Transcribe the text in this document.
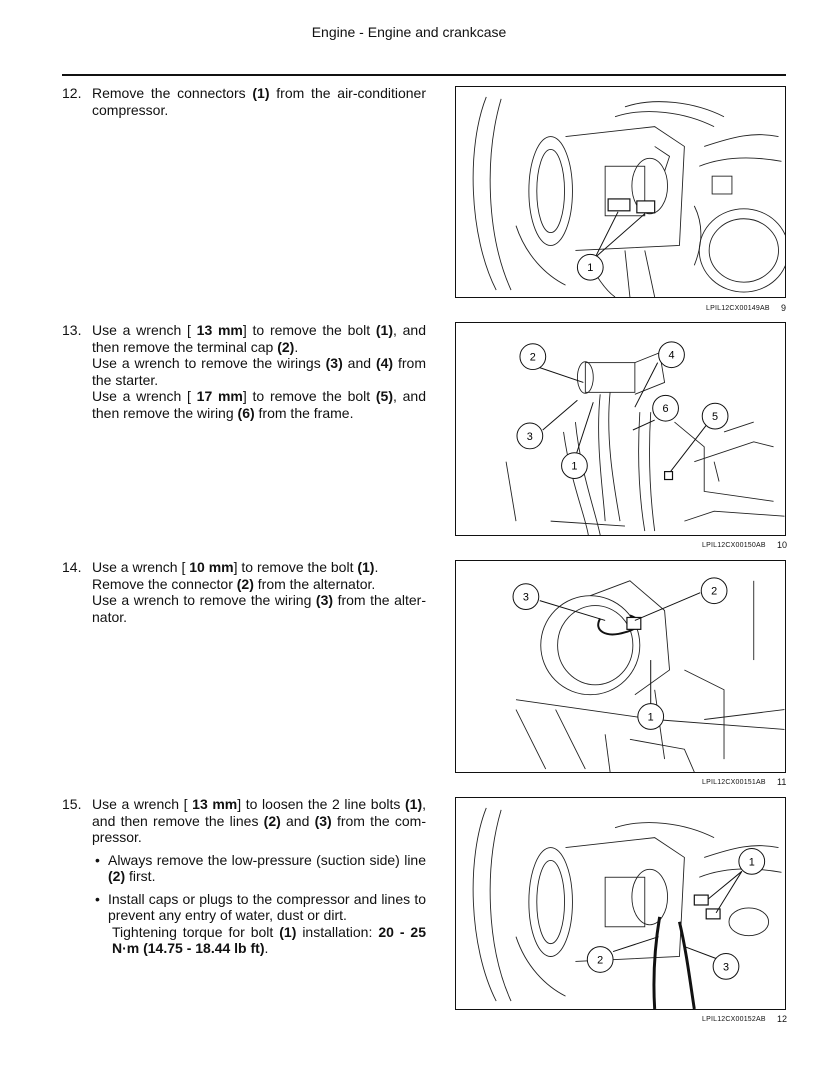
Engine - Engine and crankcase
12. Remove the connectors (1) from the air-conditioner compressor.

1
LPIL12CX00149AB 9
13. Use a wrench [ 13 mm] to remove the bolt (1), and then remove the terminal cap (2).

Use a wrench to remove the wirings (3) and (4) from the starter.

Use a wrench [ 17 mm] to remove the bolt (5), and then remove the wiring (6) from the frame.

2	4
6
5
3
1
LPIL12CX00150AB 10
14. Use a wrench [ 10 mm] to remove the bolt (1).

Remove the connector (2) from the alternator.

Use a wrench to remove the wiring (3) from the alter-nator.

3	2
1
LPIL12CX00151AB 11
15. Use a wrench [ 13 mm] to loosen the 2 line bolts (1), and then remove the lines (2) and (3) from the com-pressor.

• Always remove the low-pressure (suction side) line (2) first.

• Install caps or plugs to the compressor and lines to prevent any entry of water, dust or dirt.

Tightening torque for bolt (1) installation: 20 - 25 N·m (14.75 - 18.44 lb ft).

1
2
3
LPIL12CX00152AB 12
